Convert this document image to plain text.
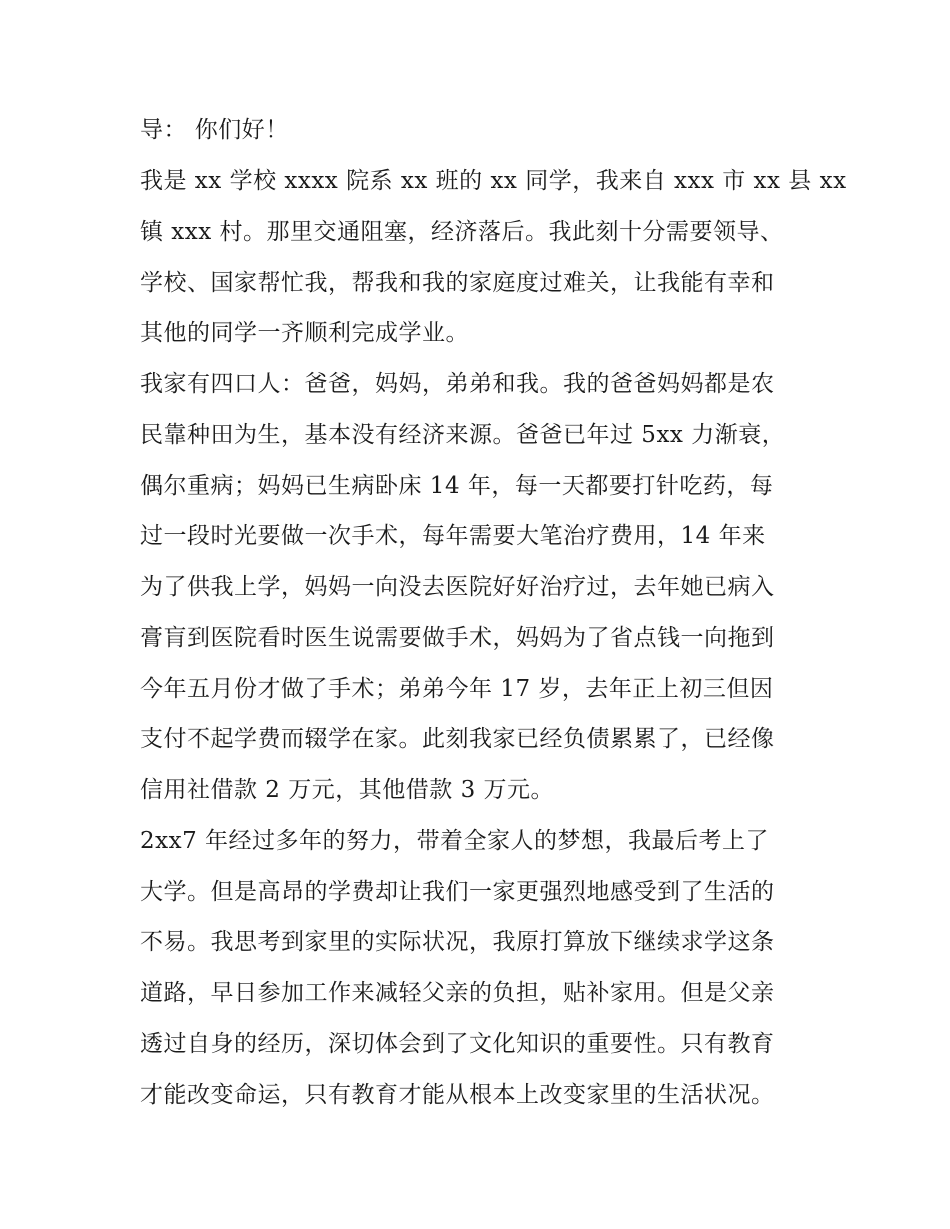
导： 你们好！
我是 xx 学校 xxxx 院系 xx 班的 xx 同学，我来自 xxx 市 xx 县 xx
镇 xxx 村。那里交通阻塞，经济落后。我此刻十分需要领导、
学校、国家帮忙我，帮我和我的家庭度过难关，让我能有幸和
其他的同学一齐顺利完成学业。
我家有四口人：爸爸，妈妈，弟弟和我。我的爸爸妈妈都是农
民靠种田为生，基本没有经济来源。爸爸已年过 5xx 力渐衰，
偶尔重病；妈妈已生病卧床 14 年，每一天都要打针吃药，每
过一段时光要做一次手术，每年需要大笔治疗费用，14 年来
为了供我上学，妈妈一向没去医院好好治疗过，去年她已病入
膏肓到医院看时医生说需要做手术，妈妈为了省点钱一向拖到
今年五月份才做了手术；弟弟今年 17 岁，去年正上初三但因
支付不起学费而辍学在家。此刻我家已经负债累累了，已经像
信用社借款 2 万元，其他借款 3 万元。
2xx7 年经过多年的努力，带着全家人的梦想，我最后考上了
大学。但是高昂的学费却让我们一家更强烈地感受到了生活的
不易。我思考到家里的实际状况，我原打算放下继续求学这条
道路，早日参加工作来减轻父亲的负担，贴补家用。但是父亲
透过自身的经历，深切体会到了文化知识的重要性。只有教育
才能改变命运，只有教育才能从根本上改变家里的生活状况。
